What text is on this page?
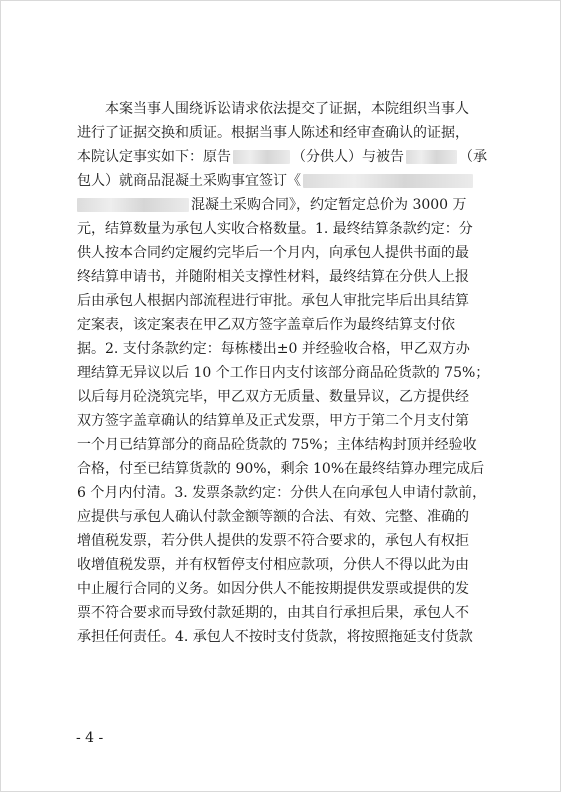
本案当事人围绕诉讼请求依法提交了证据，本院组织当事人
进行了证据交换和质证。根据当事人陈述和经审查确认的证据，
本院认定事实如下：原告	（分供人）与被告	（承
包人）就商品混凝土采购事宜签订《
混凝土采购合同》，约定暂定总价为 3000 万
元，结算数量为承包人实收合格数量。1. 最终结算条款约定：分
供人按本合同约定履约完毕后一个月内，向承包人提供书面的最
终结算申请书，并随附相关支撑性材料，最终结算在分供人上报
后由承包人根据内部流程进行审批。承包人审批完毕后出具结算
定案表，该定案表在甲乙双方签字盖章后作为最终结算支付依
据。2. 支付条款约定：每栋楼出±0 并经验收合格，甲乙双方办
理结算无异议以后 10 个工作日内支付该部分商品砼货款的 75%；
以后每月砼浇筑完毕，甲乙双方无质量、数量异议，乙方提供经
双方签字盖章确认的结算单及正式发票，甲方于第二个月支付第
一个月已结算部分的商品砼货款的 75%；主体结构封顶并经验收
合格，付至已结算货款的 90%，剩余 10%在最终结算办理完成后
6 个月内付清。3. 发票条款约定：分供人在向承包人申请付款前，
应提供与承包人确认付款金额等额的合法、有效、完整、准确的
增值税发票，若分供人提供的发票不符合要求的，承包人有权拒
收增值税发票，并有权暂停支付相应款项，分供人不得以此为由
中止履行合同的义务。如因分供人不能按期提供发票或提供的发
票不符合要求而导致付款延期的，由其自行承担后果，承包人不
承担任何责任。4. 承包人不按时支付货款，将按照拖延支付货款
- 4 -
